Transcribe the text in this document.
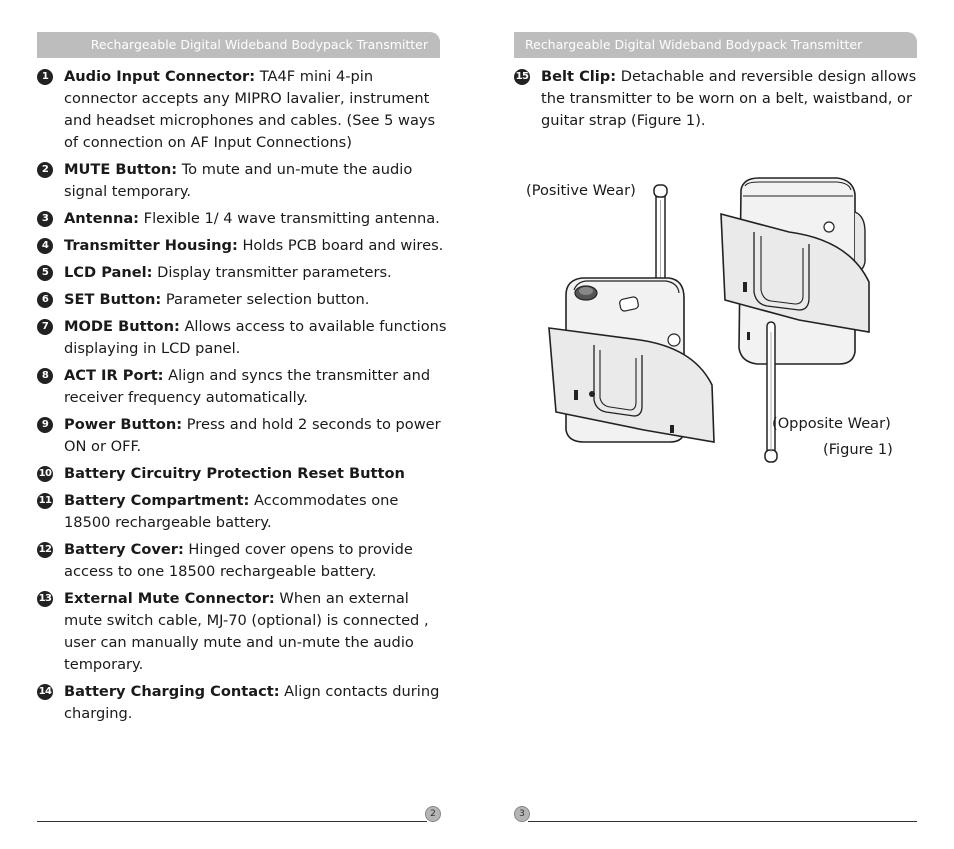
Rechargeable Digital Wideband Bodypack Transmitter
1	Audio Input Connector: TA4F mini 4-pin connector accepts any MIPRO lavalier, instrument and headset microphones and cables. (See 5 ways of connection on AF Input Connections)
2	MUTE Button: To mute and un-mute the audio signal temporary.
3	Antenna: Flexible 1/ 4 wave transmitting antenna.
4	Transmitter Housing: Holds PCB board and wires.
5	LCD Panel: Display transmitter parameters.
6	SET Button: Parameter selection button.
7	MODE Button: Allows access to available functions displaying in LCD panel.
8	ACT IR Port: Align and syncs the transmitter and receiver frequency automatically.
9	Power Button: Press and hold 2 seconds to power ON or OFF.
10 Battery Circuitry Protection Reset Button
11 Battery Compartment: Accommodates one 18500 rechargeable battery.
12 Battery Cover: Hinged cover opens to provide access to one 18500 rechargeable battery.
13 External Mute Connector: When an external mute switch cable, MJ-70 (optional) is connected , user can manually mute and un-mute the audio temporary.
14 Battery Charging Contact: Align contacts during charging.
2
Rechargeable Digital Wideband Bodypack Transmitter
15 Belt Clip: Detachable and reversible design allows the transmitter to be worn on a belt, waistband, or guitar strap (Figure 1).
(Positive Wear)
(Opposite Wear)
(Figure 1)
3
